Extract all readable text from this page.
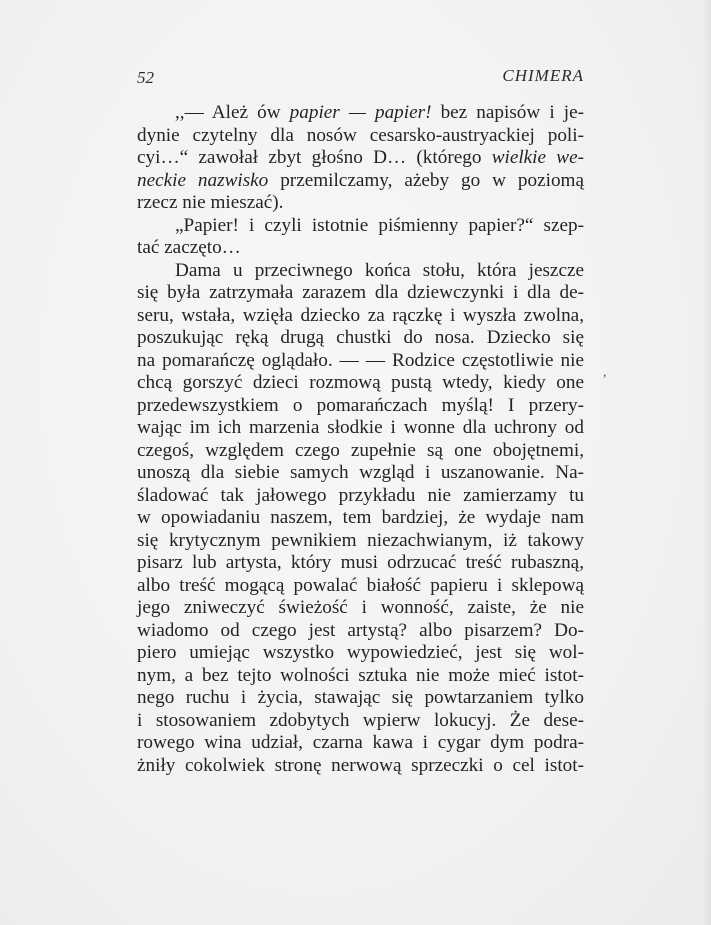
52	CHIMERA
,,— Ależ ów papier — papier! bez napisów i je-
dynie czytelny dla nosów cesarsko-austryackiej poli-
cyi…“ zawołał zbyt głośno D… (którego wielkie we-
neckie nazwisko przemilczamy, ażeby go w poziomą
rzecz nie mieszać).
„Papier! i czyli istotnie piśmienny papier?“ szep-
tać zaczęto…
Dama u przeciwnego końca stołu, która jeszcze
się była zatrzymała zarazem dla dziewczynki i dla de-
seru, wstała, wzięła dziecko za rączkę i wyszła zwolna,
poszukując ręką drugą chustki do nosa. Dziecko się
na pomarańczę oglądało. — — Rodzice częstotliwie nie
chcą gorszyć dzieci rozmową pustą wtedy, kiedy one
przedewszystkiem o pomarańczach myślą! I przery-
wając im ich marzenia słodkie i wonne dla uchrony od
czegoś, względem czego zupełnie są one obojętnemi,
unoszą dla siebie samych wzgląd i uszanowanie. Na-
śladować tak jałowego przykładu nie zamierzamy tu
w opowiadaniu naszem, tem bardziej, że wydaje nam
się krytycznym pewnikiem niezachwianym, iż takowy
pisarz lub artysta, który musi odrzucać treść rubaszną,
albo treść mogącą powalać białość papieru i sklepową
jego zniweczyć świeżość i wonność, zaiste, że nie
wiadomo od czego jest artystą? albo pisarzem? Do-
piero umiejąc wszystko wypowiedzieć, jest się wol-
nym, a bez tejto wolności sztuka nie może mieć istot-
nego ruchu i życia, stawając się powtarzaniem tylko
i stosowaniem zdobytych wpierw lokucyj. Że dese-
rowego wina udział, czarna kawa i cygar dym podra-
żniły cokolwiek stronę nerwową sprzeczki o cel istot-
,
